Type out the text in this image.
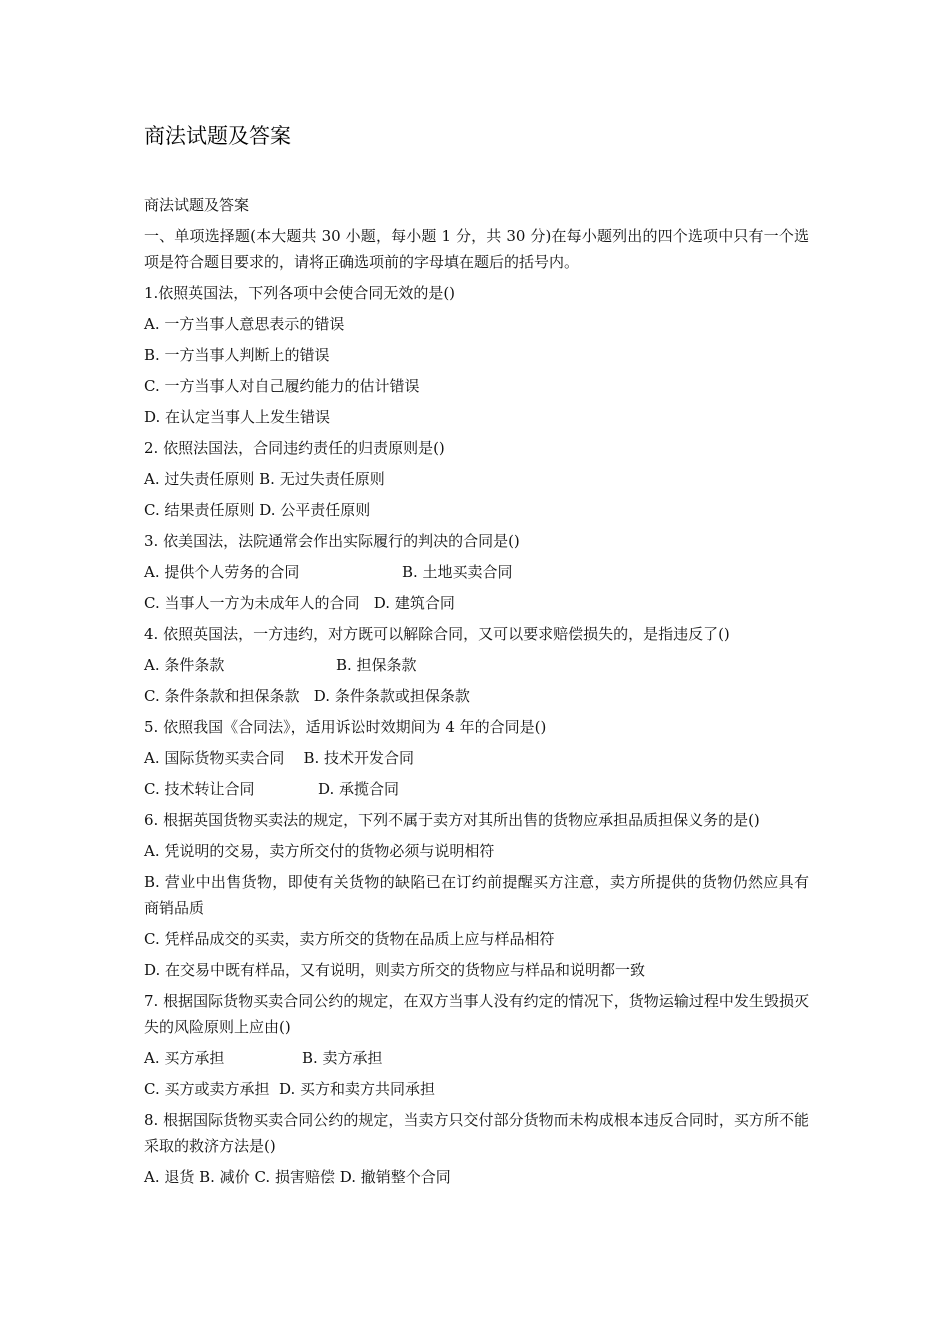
商法试题及答案
商法试题及答案
一、单项选择题(本大题共 30 小题，每小题 1 分，共 30 分)在每小题列出的四个选项中只有一个选项是符合题目要求的，请将正确选项前的字母填在题后的括号内。
1.依照英国法，下列各项中会使合同无效的是()
A. 一方当事人意思表示的错误
B. 一方当事人判断上的错误
C. 一方当事人对自己履约能力的估计错误
D. 在认定当事人上发生错误
2. 依照法国法，合同违约责任的归责原则是()
A. 过失责任原则 B. 无过失责任原则
C. 结果责任原则 D. 公平责任原则
3. 依美国法，法院通常会作出实际履行的判决的合同是()
A. 提供个人劳务的合同	B. 土地买卖合同
C. 当事人一方为未成年人的合同 D. 建筑合同
4. 依照英国法，一方违约，对方既可以解除合同，又可以要求赔偿损失的，是指违反了()
A. 条件条款	B. 担保条款
C. 条件条款和担保条款 D. 条件条款或担保条款
5. 依照我国《合同法》，适用诉讼时效期间为 4 年的合同是()
A. 国际货物买卖合同 B. 技术开发合同
C. 技术转让合同	D. 承揽合同
6. 根据英国货物买卖法的规定，下列不属于卖方对其所出售的货物应承担品质担保义务的是()
A. 凭说明的交易，卖方所交付的货物必须与说明相符
B. 营业中出售货物，即使有关货物的缺陷已在订约前提醒买方注意，卖方所提供的货物仍然应具有商销品质
C. 凭样品成交的买卖，卖方所交的货物在品质上应与样品相符
D. 在交易中既有样品，又有说明，则卖方所交的货物应与样品和说明都一致
7. 根据国际货物买卖合同公约的规定，在双方当事人没有约定的情况下，货物运输过程中发生毁损灭失的风险原则上应由()
A. 买方承担	B. 卖方承担
C. 买方或卖方承担 D. 买方和卖方共同承担
8. 根据国际货物买卖合同公约的规定，当卖方只交付部分货物而未构成根本违反合同时，买方所不能采取的救济方法是()
A. 退货 B. 减价 C. 损害赔偿 D. 撤销整个合同
